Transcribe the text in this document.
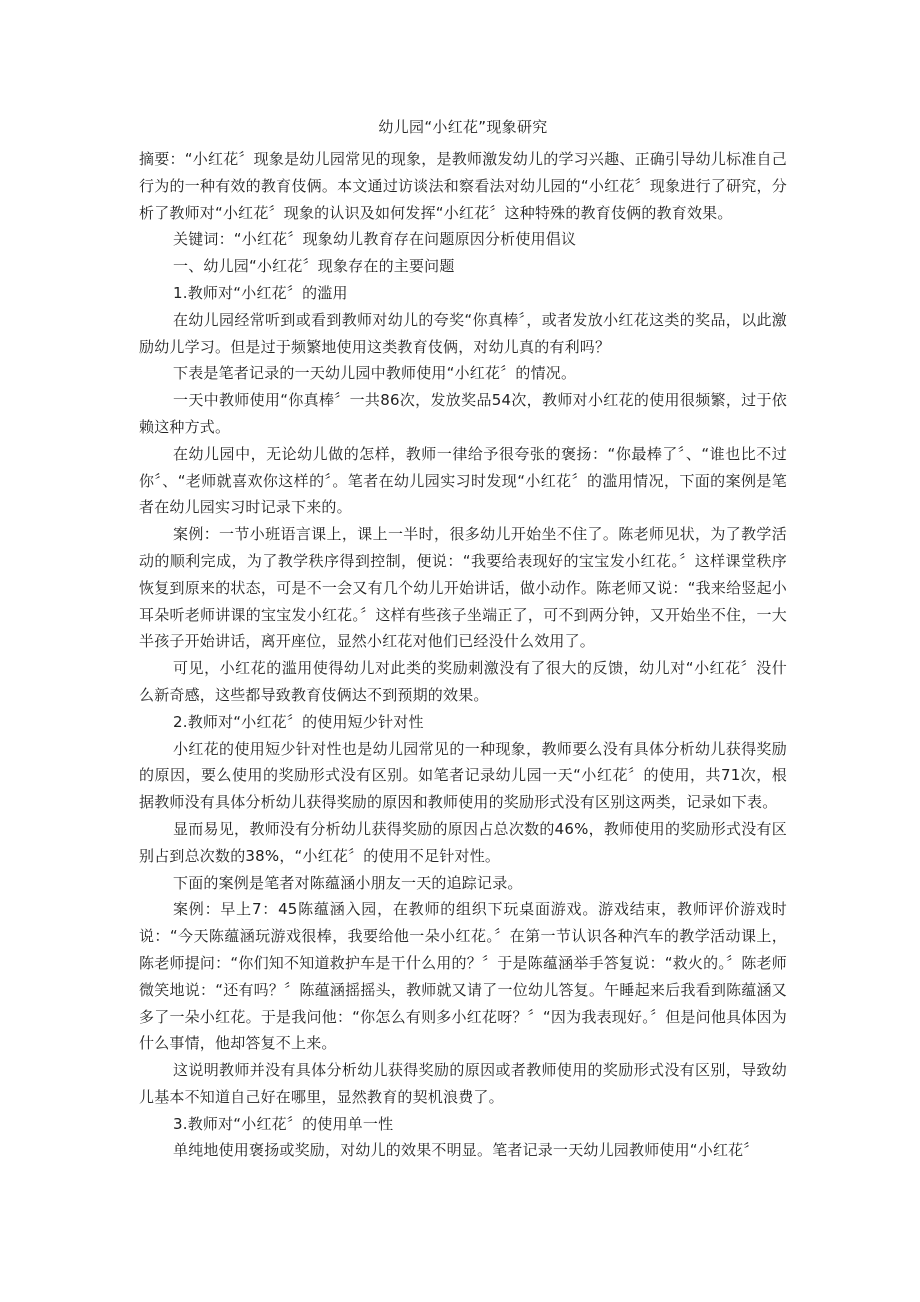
幼儿园“小红花”现象研究

摘要：“小红花〞现象是幼儿园常见的现象，是教师激发幼儿的学习兴趣、正确引导幼儿标准自己行为的一种有效的教育伎俩。本文通过访谈法和察看法对幼儿园的“小红花〞现象进行了研究，分析了教师对“小红花〞现象的认识及如何发挥“小红花〞这种特殊的教育伎俩的教育效果。

关键词：“小红花〞现象幼儿教育存在问题原因分析使用倡议

一、幼儿园“小红花〞现象存在的主要问题

1.教师对“小红花〞的滥用

在幼儿园经常听到或看到教师对幼儿的夸奖“你真棒〞，或者发放小红花这类的奖品，以此激励幼儿学习。但是过于频繁地使用这类教育伎俩，对幼儿真的有利吗？

下表是笔者记录的一天幼儿园中教师使用“小红花〞的情况。

一天中教师使用“你真棒〞一共86次，发放奖品54次，教师对小红花的使用很频繁，过于依赖这种方式。

在幼儿园中，无论幼儿做的怎样，教师一律给予很夸张的褒扬：“你最棒了〞、“谁也比不过你〞、“老师就喜欢你这样的〞。笔者在幼儿园实习时发现“小红花〞的滥用情况，下面的案例是笔者在幼儿园实习时记录下来的。

案例：一节小班语言课上，课上一半时，很多幼儿开始坐不住了。陈老师见状，为了教学活动的顺利完成，为了教学秩序得到控制，便说：“我要给表现好的宝宝发小红花。〞这样课堂秩序恢复到原来的状态，可是不一会又有几个幼儿开始讲话，做小动作。陈老师又说：“我来给竖起小耳朵听老师讲课的宝宝发小红花。〞这样有些孩子坐端正了，可不到两分钟，又开始坐不住，一大半孩子开始讲话，离开座位，显然小红花对他们已经没什么效用了。

可见，小红花的滥用使得幼儿对此类的奖励刺激没有了很大的反馈，幼儿对“小红花〞没什么新奇感，这些都导致教育伎俩达不到预期的效果。

2.教师对“小红花〞的使用短少针对性

小红花的使用短少针对性也是幼儿园常见的一种现象，教师要么没有具体分析幼儿获得奖励的原因，要么使用的奖励形式没有区别。如笔者记录幼儿园一天“小红花〞的使用，共71次，根据教师没有具体分析幼儿获得奖励的原因和教师使用的奖励形式没有区别这两类，记录如下表。

显而易见，教师没有分析幼儿获得奖励的原因占总次数的46%，教师使用的奖励形式没有区别占到总次数的38%，“小红花〞的使用不足针对性。

下面的案例是笔者对陈蕴涵小朋友一天的追踪记录。

案例：早上7：45陈蕴涵入园，在教师的组织下玩桌面游戏。游戏结束，教师评价游戏时说：“今天陈蕴涵玩游戏很棒，我要给他一朵小红花。〞在第一节认识各种汽车的教学活动课上，陈老师提问：“你们知不知道救护车是干什么用的？〞于是陈蕴涵举手答复说：“救火的。〞陈老师微笑地说：“还有吗？〞陈蕴涵摇摇头，教师就又请了一位幼儿答复。午睡起来后我看到陈蕴涵又多了一朵小红花。于是我问他：“你怎么有则多小红花呀？〞“因为我表现好。〞但是问他具体因为什么事情，他却答复不上来。

这说明教师并没有具体分析幼儿获得奖励的原因或者教师使用的奖励形式没有区别，导致幼儿基本不知道自己好在哪里，显然教育的契机浪费了。

3.教师对“小红花〞的使用单一性

单纯地使用褒扬或奖励，对幼儿的效果不明显。笔者记录一天幼儿园教师使用“小红花〞
